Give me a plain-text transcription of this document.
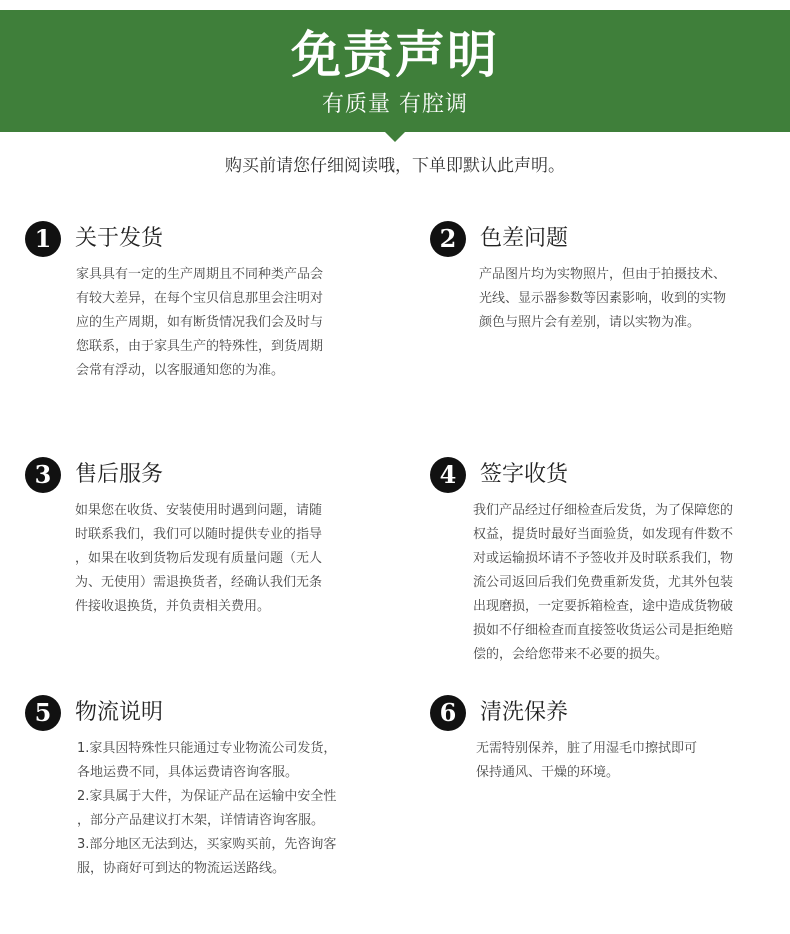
免责声明
有质量 有腔调
购买前请您仔细阅读哦，下单即默认此声明。
1	关于发货
家具具有一定的生产周期且不同种类产品会
有较大差异，在每个宝贝信息那里会注明对
应的生产周期，如有断货情况我们会及时与
您联系，由于家具生产的特殊性，到货周期
会常有浮动，以客服通知您的为准。
2	色差问题
产品图片均为实物照片，但由于拍摄技术、
光线、显示器参数等因素影响，收到的实物
颜色与照片会有差别，请以实物为准。
3	售后服务
如果您在收货、安装使用时遇到问题，请随
时联系我们，我们可以随时提供专业的指导
，如果在收到货物后发现有质量问题（无人
为、无使用）需退换货者，经确认我们无条
件接收退换货，并负责相关费用。
4	签字收货
我们产品经过仔细检查后发货，为了保障您的
权益，提货时最好当面验货，如发现有件数不
对或运输损坏请不予签收并及时联系我们，物
流公司返回后我们免费重新发货，尤其外包装
出现磨损，一定要拆箱检查，途中造成货物破
损如不仔细检查而直接签收货运公司是拒绝赔
偿的，会给您带来不必要的损失。
5	物流说明
1.家具因特殊性只能通过专业物流公司发货，
各地运费不同，具体运费请咨询客服。
2.家具属于大件，为保证产品在运输中安全性
，部分产品建议打木架，详情请咨询客服。
3.部分地区无法到达，买家购买前，先咨询客
服，协商好可到达的物流运送路线。
6	清洗保养
无需特别保养，脏了用湿毛巾擦拭即可
保持通风、干燥的环境。
